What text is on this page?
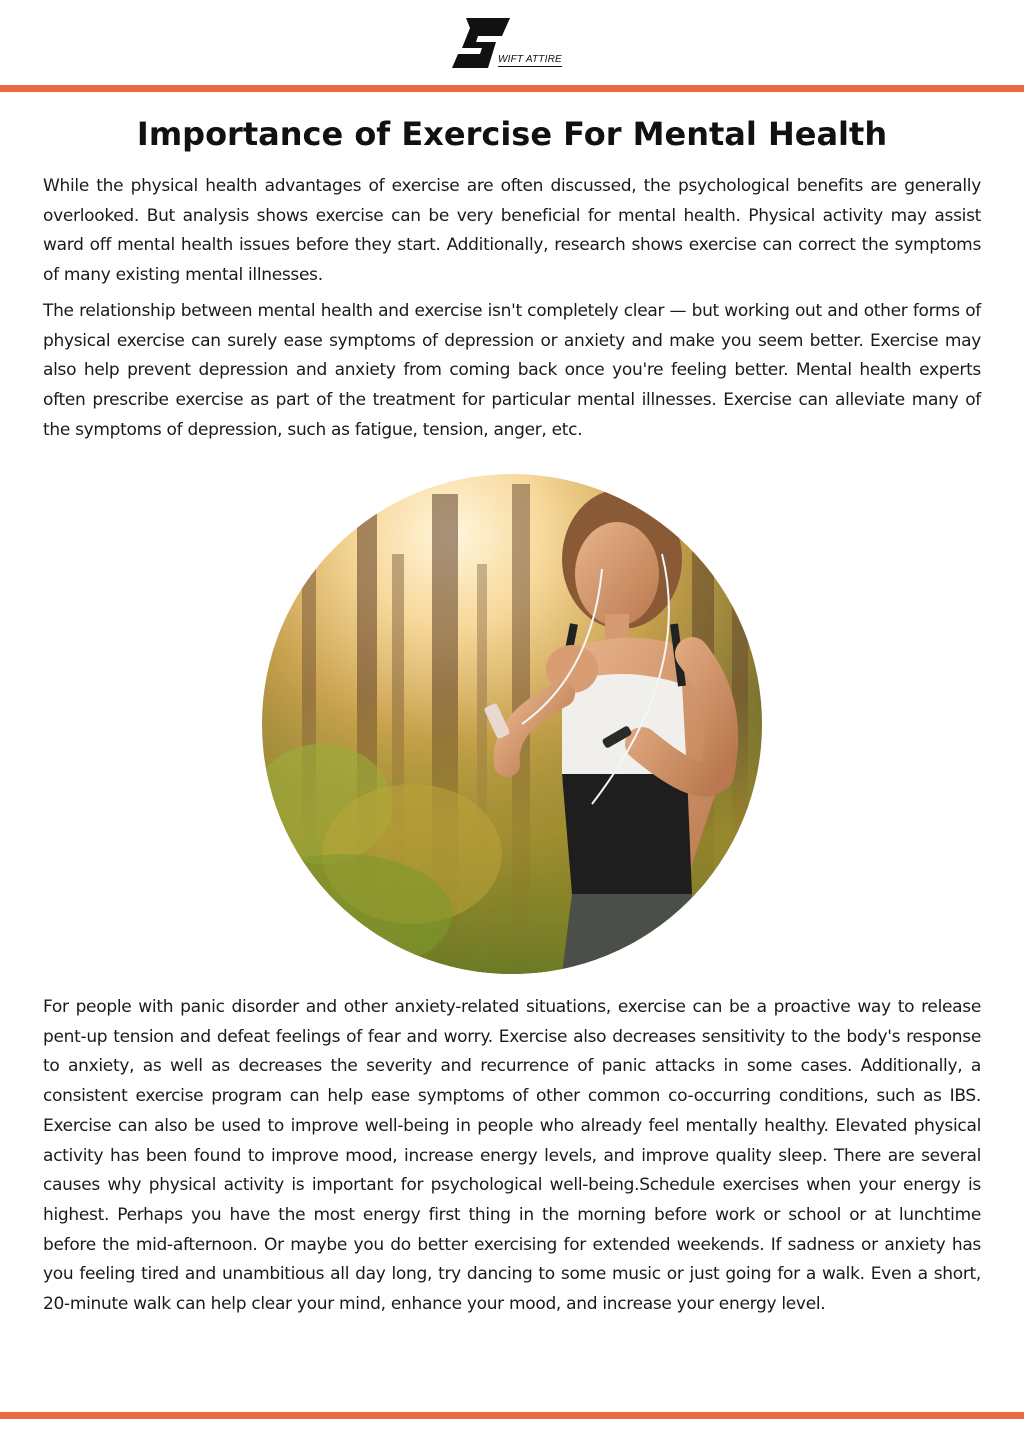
WIFT ATTIRE
Importance of Exercise For Mental Health

While the physical health advantages of exercise are often discussed, the psychological benefits are generally overlooked. But analysis shows exercise can be very beneficial for mental health. Physical activity may assist ward off mental health issues before they start. Additionally, research shows exercise can correct the symptoms of many existing mental illnesses.

The relationship between mental health and exercise isn't completely clear — but working out and other forms of physical exercise can surely ease symptoms of depression or anxiety and make you seem better. Exercise may also help prevent depression and anxiety from coming back once you're feeling better. Mental health experts often prescribe exercise as part of the treatment for particular mental illnesses. Exercise can alleviate many of the symptoms of depression, such as fatigue, tension, anger, etc.

For people with panic disorder and other anxiety-related situations, exercise can be a proactive way to release pent-up tension and defeat feelings of fear and worry. Exercise also decreases sensitivity to the body's response to anxiety, as well as decreases the severity and recurrence of panic attacks in some cases. Additionally, a consistent exercise program can help ease symptoms of other common co-occurring conditions, such as IBS. Exercise can also be used to improve well-being in people who already feel mentally healthy. Elevated physical activity has been found to improve mood, increase energy levels, and improve quality sleep. There are several causes why physical activity is important for psychological well-being.Schedule exercises when your energy is highest. Perhaps you have the most energy first thing in the morning before work or school or at lunchtime before the mid-afternoon. Or maybe you do better exercising for extended weekends. If sadness or anxiety has you feeling tired and unambitious all day long, try dancing to some music or just going for a walk. Even a short, 20-minute walk can help clear your mind, enhance your mood, and increase your energy level.
